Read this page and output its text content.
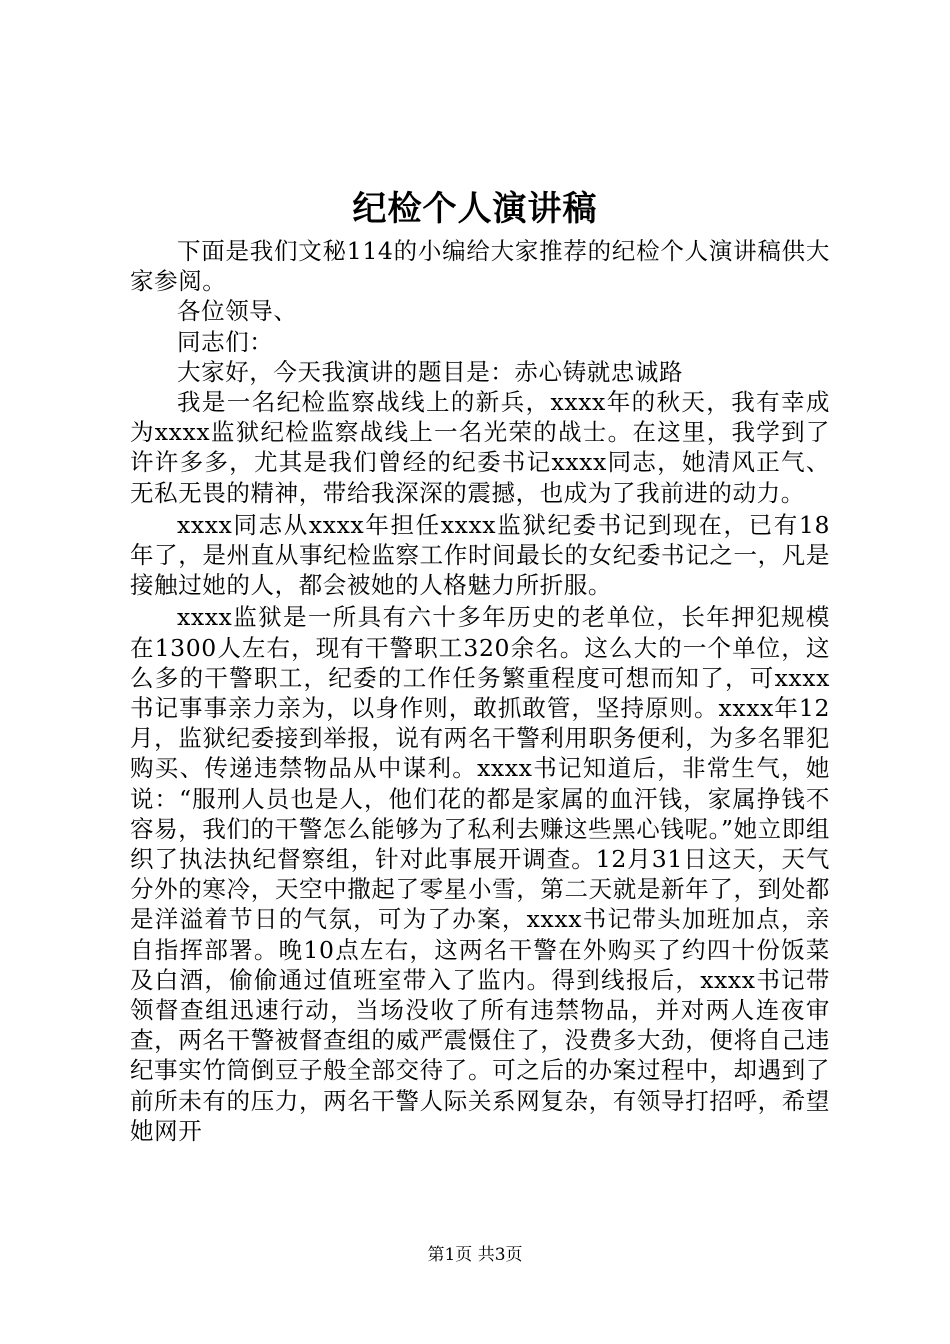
纪检个人演讲稿

下面是我们文秘114的小编给大家推荐的纪检个人演讲稿供大家参阅。

各位领导、

同志们：

大家好，今天我演讲的题目是：赤心铸就忠诚路

我是一名纪检监察战线上的新兵，xxxx年的秋天，我有幸成为xxxx监狱纪检监察战线上一名光荣的战士。在这里，我学到了许许多多，尤其是我们曾经的纪委书记xxxx同志，她清风正气、无私无畏的精神，带给我深深的震撼，也成为了我前进的动力。

xxxx同志从xxxx年担任xxxx监狱纪委书记到现在，已有18年了，是州直从事纪检监察工作时间最长的女纪委书记之一，凡是接触过她的人，都会被她的人格魅力所折服。

xxxx监狱是一所具有六十多年历史的老单位，长年押犯规模在1300人左右，现有干警职工320余名。这么大的一个单位，这么多的干警职工，纪委的工作任务繁重程度可想而知了，可xxxx书记事事亲力亲为，以身作则，敢抓敢管，坚持原则。xxxx年12月，监狱纪委接到举报，说有两名干警利用职务便利，为多名罪犯购买、传递违禁物品从中谋利。xxxx书记知道后，非常生气，她说：“服刑人员也是人，他们花的都是家属的血汗钱，家属挣钱不容易，我们的干警怎么能够为了私利去赚这些黑心钱呢。”她立即组织了执法执纪督察组，针对此事展开调查。12月31日这天，天气分外的寒冷，天空中撒起了零星小雪，第二天就是新年了，到处都是洋溢着节日的气氛，可为了办案，xxxx书记带头加班加点，亲自指挥部署。晚10点左右，这两名干警在外购买了约四十份饭菜及白酒，偷偷通过值班室带入了监内。得到线报后，xxxx书记带领督查组迅速行动，当场没收了所有违禁物品，并对两人连夜审查，两名干警被督查组的威严震慑住了，没费多大劲，便将自己违纪事实竹筒倒豆子般全部交待了。可之后的办案过程中，却遇到了前所未有的压力，两名干警人际关系网复杂，有领导打招呼，希望她网开

第1页 共3页
